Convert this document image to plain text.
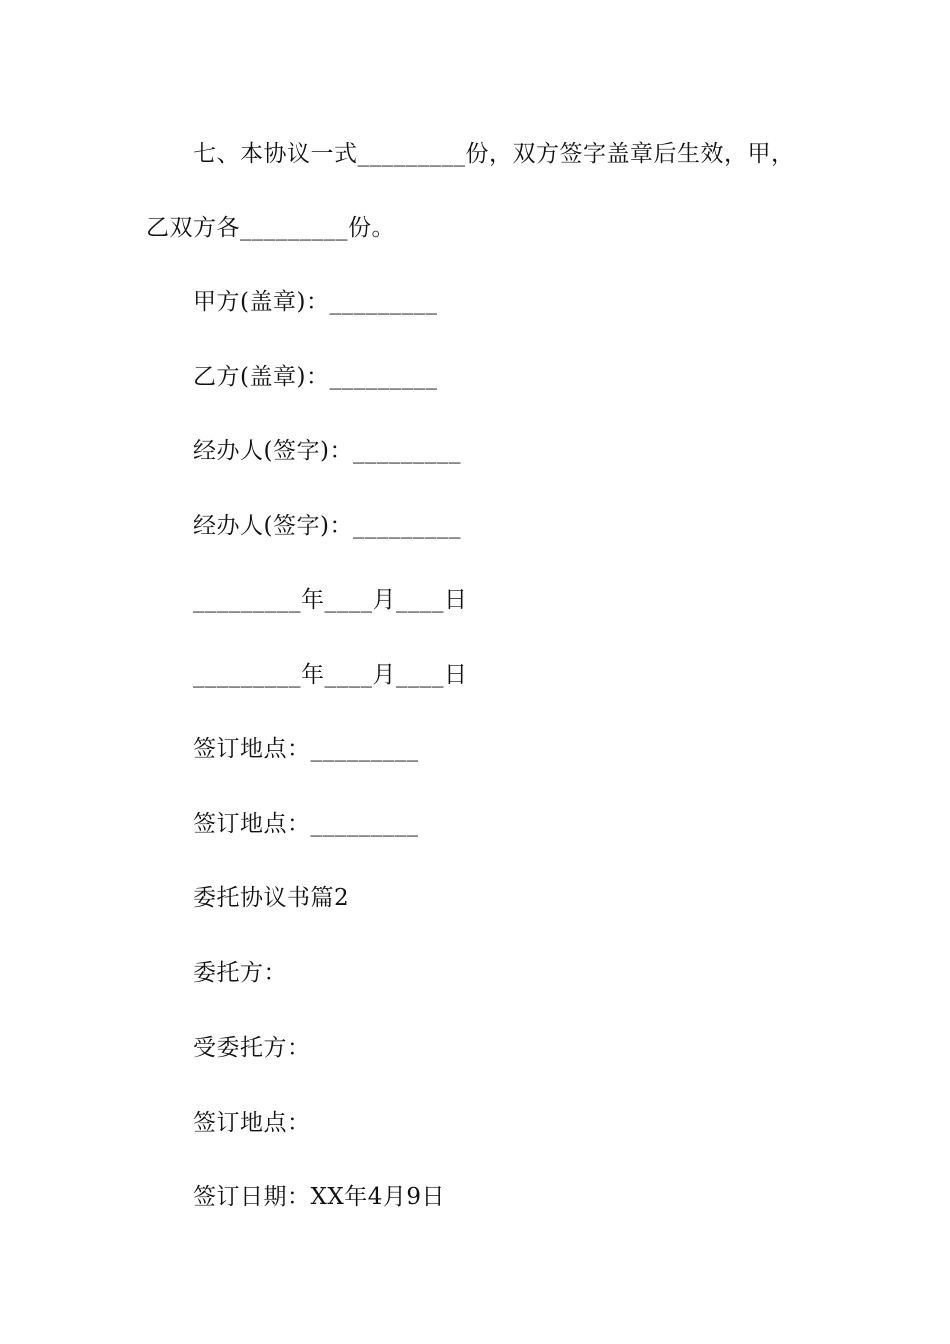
七、本协议一式_________份，双方签字盖章后生效，甲，
乙双方各_________份。
甲方(盖章)：_________
乙方(盖章)：_________
经办人(签字)：_________
经办人(签字)：_________
_________年____月____日
_________年____月____日
签订地点：_________
签订地点：_________
委托协议书篇2
委托方：
受委托方：
签订地点：
签订日期：XX年4月9日
